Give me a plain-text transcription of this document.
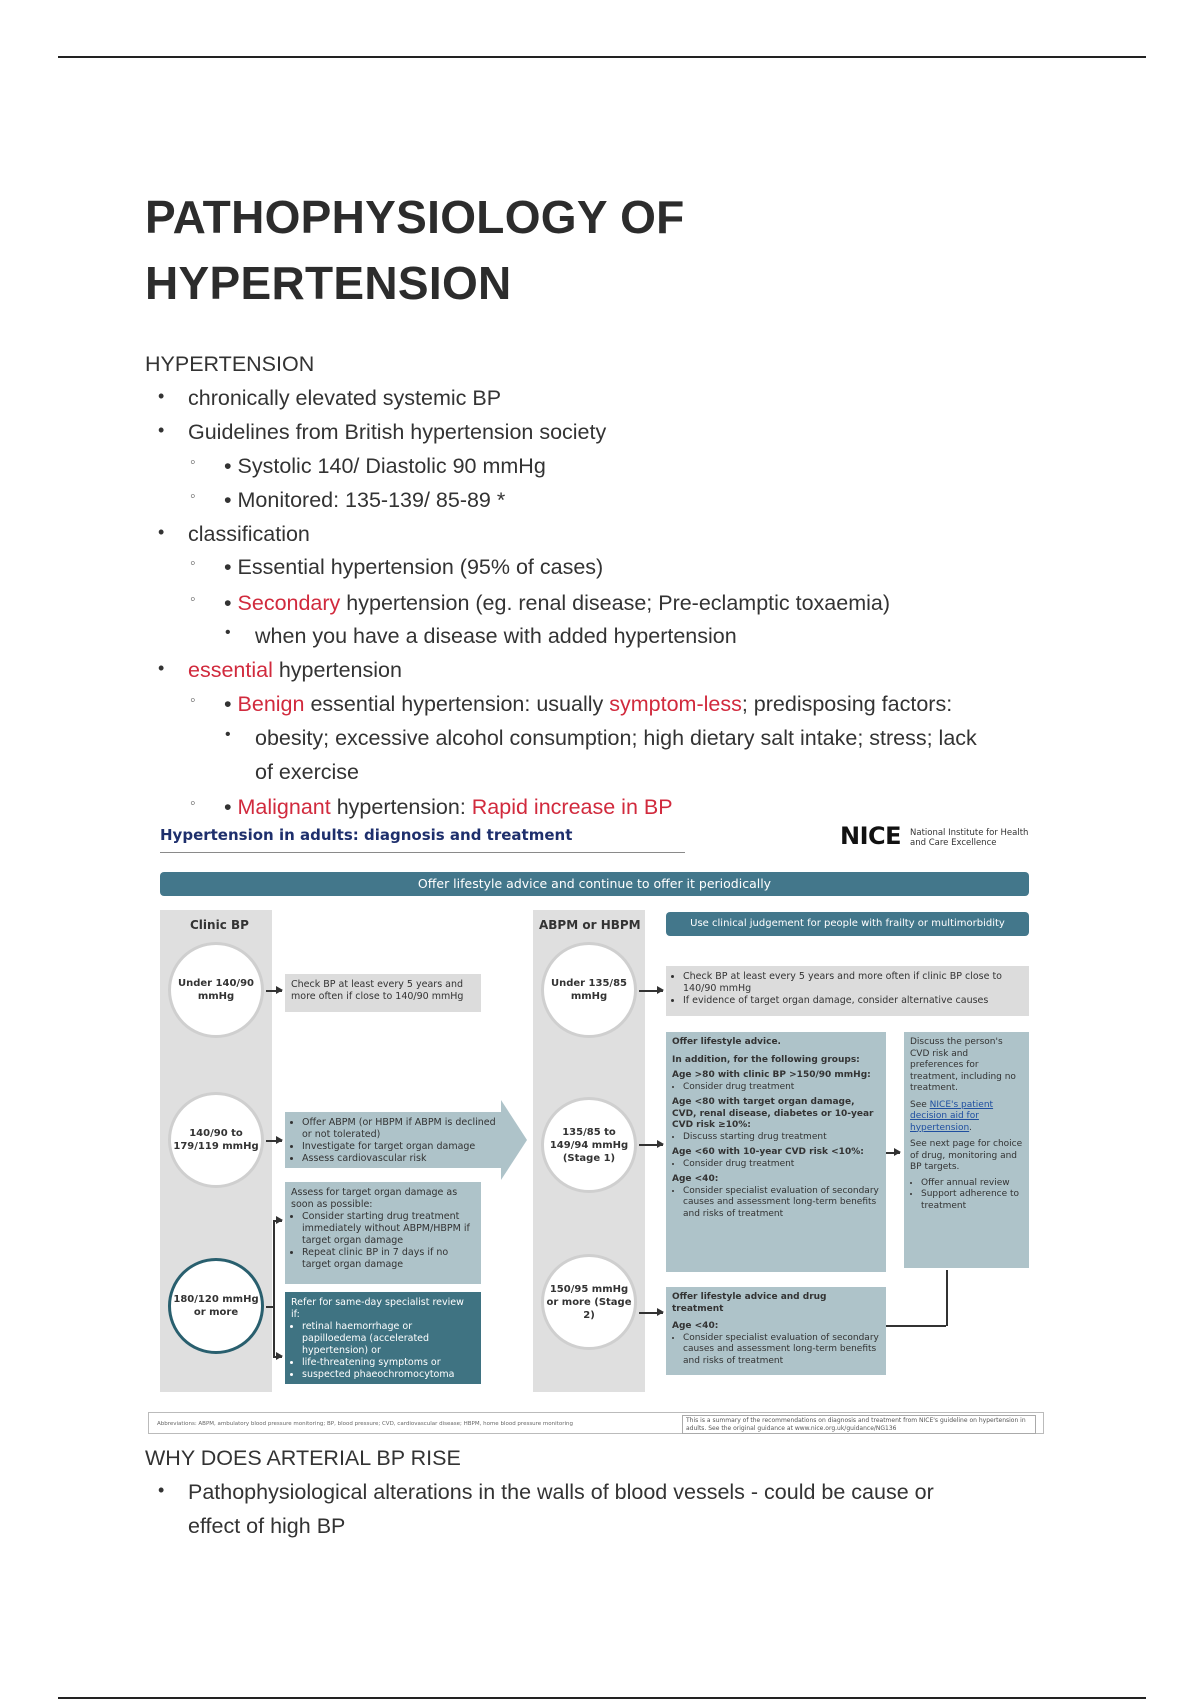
PATHOPHYSIOLOGY OF
HYPERTENSION
HYPERTENSION
• chronically elevated systemic BP
• Guidelines from British hypertension society
◦ • Systolic 140/ Diastolic 90 mmHg
◦ • Monitored: 135-139/ 85-89 *
• classification
◦ • Essential hypertension (95% of cases)
◦ • Secondary hypertension (eg. renal disease; Pre-eclamptic toxaemia)
• when you have a disease with added hypertension
• essential hypertension
◦ • Benign essential hypertension: usually symptom-less; predisposing factors:
• obesity; excessive alcohol consumption; high dietary salt intake; stress; lack
of exercise
◦ • Malignant hypertension: Rapid increase in BP
Hypertension in adults: diagnosis and treatment	NICE National Institute for Health and Care Excellence
Offer lifestyle advice and continue to offer it periodically
Clinic BP	ABPM or HBPM	Use clinical judgement for people with frailty or multimorbidity
Under 140/90 mmHg
140/90 to 179/119 mmHg
180/120 mmHg or more
Under 135/85 mmHg
135/85 to 149/94 mmHg (Stage 1)
150/95 mmHg or more (Stage 2)
Check BP at least every 5 years and more often if close to 140/90 mmHg
• Offer ABPM (or HBPM if ABPM is declined or not tolerated)
• Investigate for target organ damage
• Assess cardiovascular risk
Assess for target organ damage as soon as possible:
• Consider starting drug treatment immediately without ABPM/HBPM if target organ damage
• Repeat clinic BP in 7 days if no target organ damage
Refer for same-day specialist review if:
• retinal haemorrhage or papilloedema (accelerated hypertension) or
• life-threatening symptoms or
• suspected phaeochromocytoma
• Check BP at least every 5 years and more often if clinic BP close to 140/90 mmHg
• If evidence of target organ damage, consider alternative causes
Offer lifestyle advice.
In addition, for the following groups:
Age >80 with clinic BP >150/90 mmHg:
• Consider drug treatment
Age <80 with target organ damage, CVD, renal disease, diabetes or 10-year CVD risk ≥10%:
• Discuss starting drug treatment
Age <60 with 10-year CVD risk <10%:
• Consider drug treatment
Age <40:
• Consider specialist evaluation of secondary causes and assessment long-term benefits and risks of treatment
Offer lifestyle advice and drug treatment
Age <40:
• Consider specialist evaluation of secondary causes and assessment long-term benefits and risks of treatment
Discuss the person's CVD risk and preferences for treatment, including no treatment.
See NICE's patient decision aid for hypertension.
See next page for choice of drug, monitoring and BP targets.
• Offer annual review
• Support adherence to treatment
Abbreviations: ABPM, ambulatory blood pressure monitoring; BP, blood pressure; CVD, cardiovascular disease; HBPM, home blood pressure monitoring	This is a summary of the recommendations on diagnosis and treatment from NICE's guideline on hypertension in adults. See the original guidance at www.nice.org.uk/guidance/NG136
WHY DOES ARTERIAL BP RISE
• Pathophysiological alterations in the walls of blood vessels - could be cause or
effect of high BP
